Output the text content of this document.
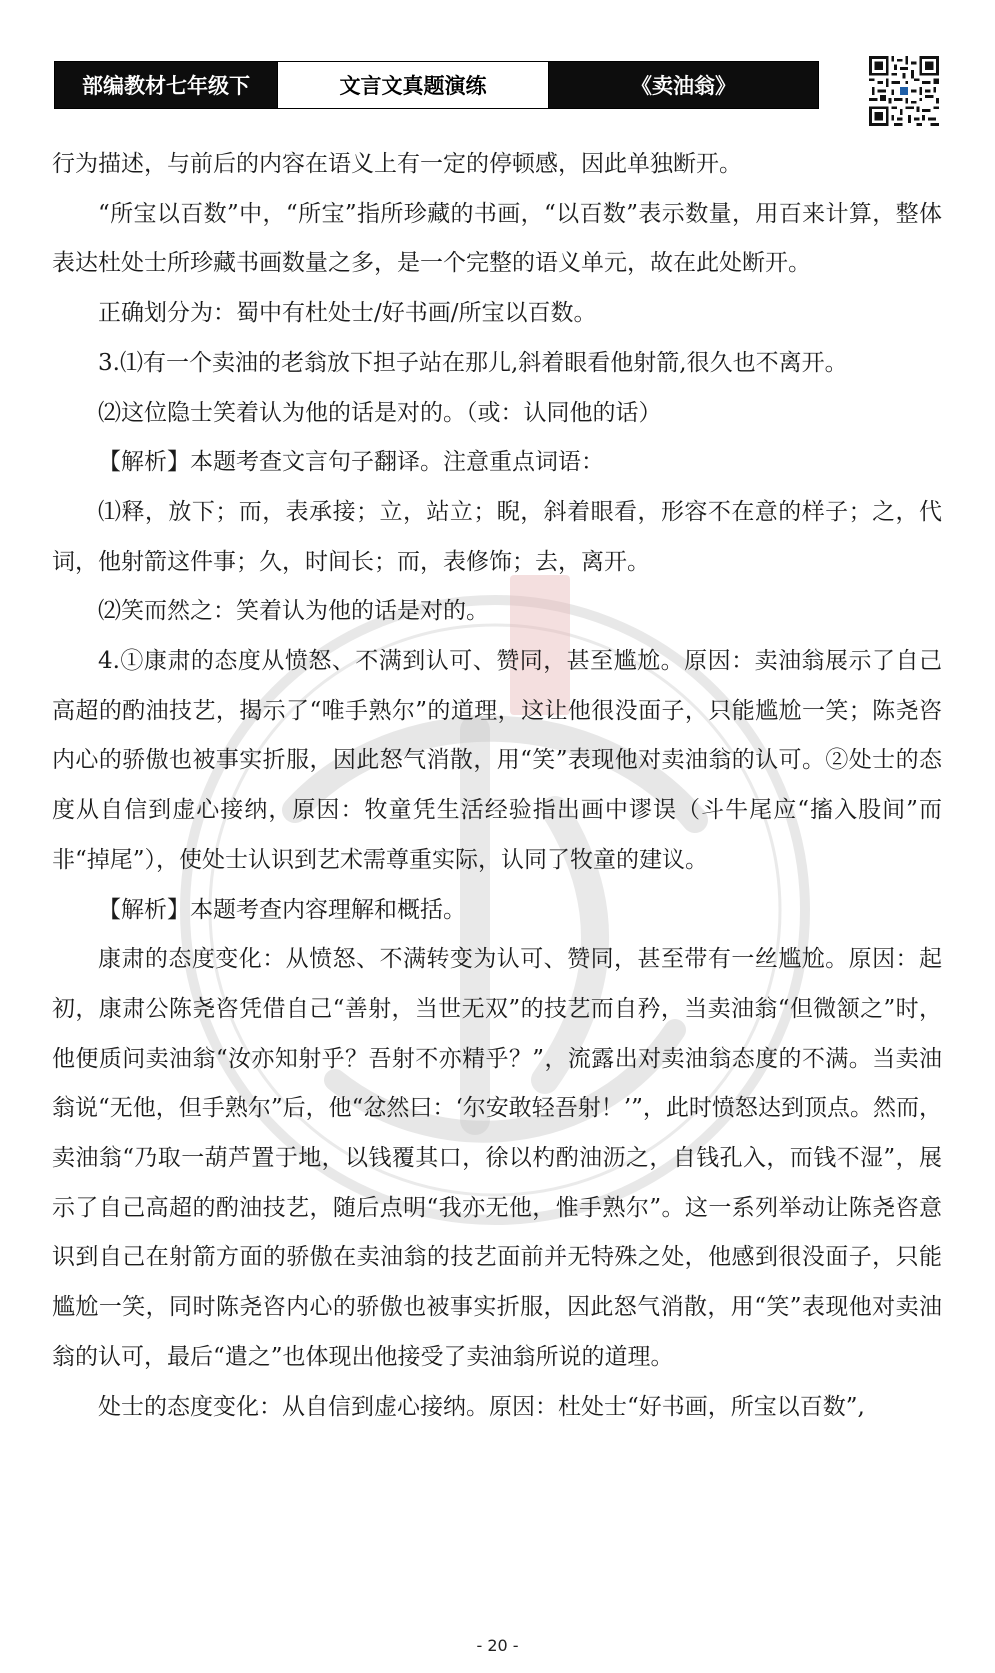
部编教材七年级下	文言文真题演练	《卖油翁》

行为描述，与前后的内容在语义上有一定的停顿感，因此单独断开。

“所宝以百数”中，“所宝”指所珍藏的书画，“以百数”表示数量，用百来计算，整体表达杜处士所珍藏书画数量之多，是一个完整的语义单元，故在此处断开。

正确划分为：蜀中有杜处士/好书画/所宝以百数。

3.⑴有一个卖油的老翁放下担子站在那儿,斜着眼看他射箭,很久也不离开。

⑵这位隐士笑着认为他的话是对的。（或：认同他的话）

【解析】本题考查文言句子翻译。注意重点词语：

⑴释，放下；而，表承接；立，站立；睨，斜着眼看，形容不在意的样子；之，代词，他射箭这件事；久，时间长；而，表修饰；去，离开。

⑵笑而然之：笑着认为他的话是对的。

4.①康肃的态度从愤怒、不满到认可、赞同，甚至尴尬。原因：卖油翁展示了自己高超的酌油技艺，揭示了“唯手熟尔”的道理，这让他很没面子，只能尴尬一笑；陈尧咨内心的骄傲也被事实折服，因此怒气消散，用“笑”表现他对卖油翁的认可。②处士的态度从自信到虚心接纳，原因：牧童凭生活经验指出画中谬误（斗牛尾应“搐入股间”而非“掉尾”），使处士认识到艺术需尊重实际，认同了牧童的建议。

【解析】本题考查内容理解和概括。

康肃的态度变化：从愤怒、不满转变为认可、赞同，甚至带有一丝尴尬。原因：起初，康肃公陈尧咨凭借自己“善射，当世无双”的技艺而自矜，当卖油翁“但微颔之”时，他便质问卖油翁“汝亦知射乎？吾射不亦精乎？”，流露出对卖油翁态度的不满。当卖油翁说“无他，但手熟尔”后，他“忿然曰：‘尔安敢轻吾射！’”，此时愤怒达到顶点。然而，卖油翁“乃取一葫芦置于地，以钱覆其口，徐以杓酌油沥之，自钱孔入，而钱不湿”，展示了自己高超的酌油技艺，随后点明“我亦无他，惟手熟尔”。这一系列举动让陈尧咨意识到自己在射箭方面的骄傲在卖油翁的技艺面前并无特殊之处，他感到很没面子，只能尴尬一笑，同时陈尧咨内心的骄傲也被事实折服，因此怒气消散，用“笑”表现他对卖油翁的认可，最后“遣之”也体现出他接受了卖油翁所说的道理。

处士的态度变化：从自信到虚心接纳。原因：杜处士“好书画，所宝以百数”,

- 20 -
